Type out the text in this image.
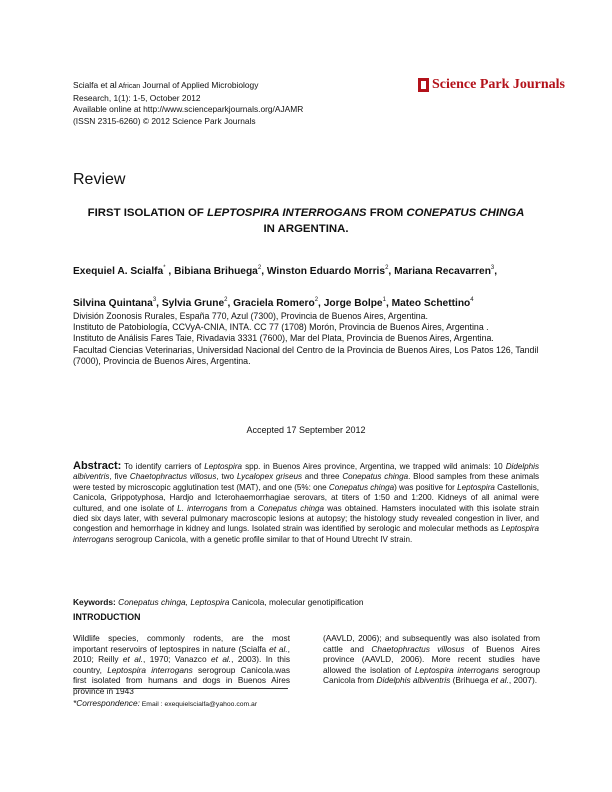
Scialfa et al African Journal of Applied Microbiology
Research, 1(1): 1-5, October 2012
Available online at http://www.scienceparkjournals.org/AJAMR
(ISSN 2315-6260) © 2012 Science Park Journals
Science Park Journals
Review
FIRST ISOLATION OF LEPTOSPIRA INTERROGANS FROM CONEPATUS CHINGA
IN ARGENTINA.
Exequiel A. Scialfa* , Bibiana Brihuega$^2$, Winston Eduardo Morris$^2$, Mariana Recavarren$^3$,
Silvina Quintana$^3$, Sylvia Grune$^2$, Graciela Romero$^2$, Jorge Bolpe$^1$, Mateo Schettino$^4$
División Zoonosis Rurales, España 770, Azul (7300), Provincia de Buenos Aires, Argentina.
Instituto de Patobiología, CCVyA-CNIA, INTA. CC 77 (1708) Morón, Provincia de Buenos Aires, Argentina .
Instituto de Análisis Fares Taie, Rivadavia 3331 (7600), Mar del Plata, Provincia de Buenos Aires, Argentina.
Facultad Ciencias Veterinarias, Universidad Nacional del Centro de la Provincia de Buenos Aires, Los Patos 126, Tandil (7000), Provincia de Buenos Aires, Argentina.
Accepted 17 September 2012
Abstract: To identify carriers of Leptospira spp. in Buenos Aires province, Argentina, we trapped wild animals: 10 Didelphis albiventris, five Chaetophractus villosus, two Lycalopex griseus and three Conepatus chinga. Blood samples from these animals were tested by microscopic agglutination test (MAT), and one (5%: one Conepatus chinga) was positive for Leptospira Castellonis, Canicola, Grippotyphosa, Hardjo and Icterohaemorrhagiae serovars, at titers of 1:50 and 1:200. Kidneys of all animal were cultured, and one isolate of L. interrogans from a Conepatus chinga was obtained. Hamsters inoculated with this isolate strain died six days later, with several pulmonary macroscopic lesions at autopsy; the histology study revealed congestion in liver, and congestion and hemorrhage in kidney and lungs. Isolated strain was identified by serologic and molecular methods as Leptospira interrogans serogroup Canicola, with a genetic profile similar to that of Hound Utrecht IV strain.
Keywords: Conepatus chinga, Leptospira Canicola, molecular genotipification
INTRODUCTION
Wildlife species, commonly rodents, are the most important reservoirs of leptospires in nature (Scialfa et al., 2010; Reilly et al., 1970; Vanazco et al., 2003). In this country, Leptospira interrogans serogroup Canicola.was first isolated from humans and dogs in Buenos Aires province in 1943
(AAVLD, 2006); and subsequently was also isolated from cattle and Chaetophractus villosus of Buenos Aires province (AAVLD, 2006). More recent studies have allowed the isolation of Leptospira interrogans serogroup Canicola from Didelphis albiventris (Brihuega et al., 2007).
*Correspondence: Email : exequielscialfa@yahoo.com.ar
